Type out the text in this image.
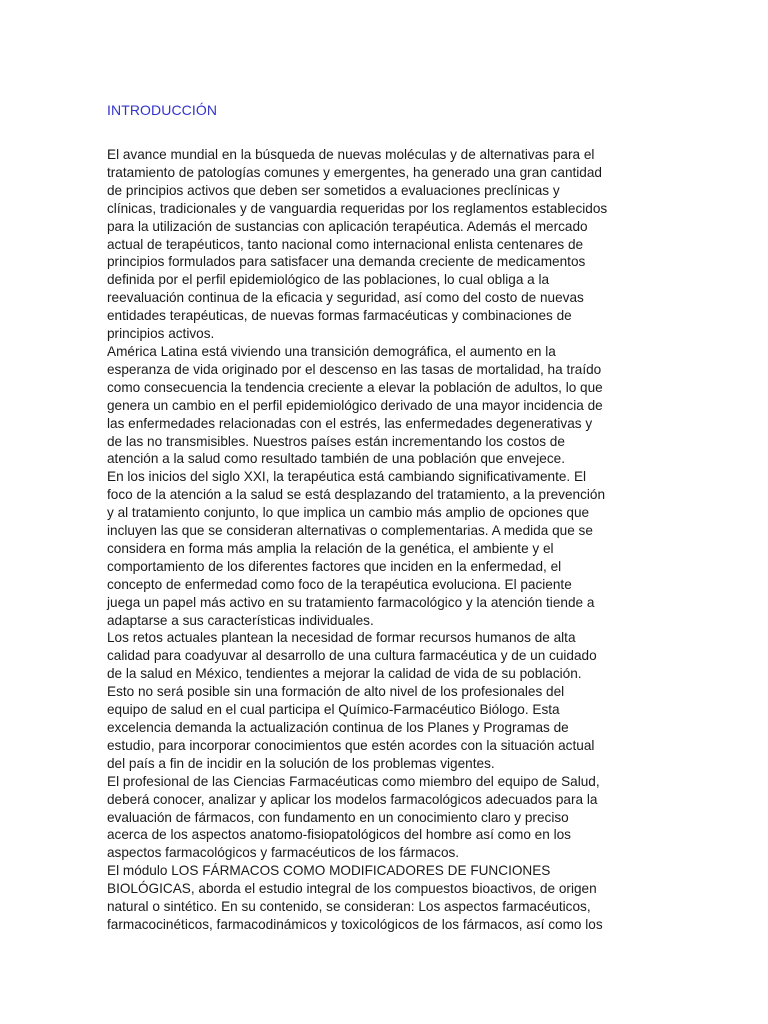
INTRODUCCIÓN

El avance mundial en la búsqueda de nuevas moléculas y de alternativas para el
tratamiento de patologías comunes y emergentes, ha generado una gran cantidad
de principios activos que deben ser sometidos a evaluaciones preclínicas y
clínicas, tradicionales y de vanguardia requeridas por los reglamentos establecidos
para la utilización de sustancias con aplicación terapéutica. Además el mercado
actual de terapéuticos, tanto nacional como internacional enlista centenares de
principios formulados para satisfacer una demanda creciente de medicamentos
definida por el perfil epidemiológico de las poblaciones, lo cual obliga a la
reevaluación continua de la eficacia y seguridad, así como del costo de nuevas
entidades terapéuticas, de nuevas formas farmacéuticas y combinaciones de
principios activos.

América Latina está viviendo una transición demográfica, el aumento en la
esperanza de vida originado por el descenso en las tasas de mortalidad, ha traído
como consecuencia la tendencia creciente a elevar la población de adultos, lo que
genera un cambio en el perfil epidemiológico derivado de una mayor incidencia de
las enfermedades relacionadas con el estrés, las enfermedades degenerativas y
de las no transmisibles. Nuestros países están incrementando los costos de
atención a la salud como resultado también de una población que envejece.

En los inicios del siglo XXI, la terapéutica está cambiando significativamente. El
foco de la atención a la salud se está desplazando del tratamiento, a la prevención
y al tratamiento conjunto, lo que implica un cambio más amplio de opciones que
incluyen las que se consideran alternativas o complementarias. A medida que se
considera en forma más amplia la relación de la genética, el ambiente y el
comportamiento de los diferentes factores que inciden en la enfermedad, el
concepto de enfermedad como foco de la terapéutica evoluciona. El paciente
juega un papel más activo en su tratamiento farmacológico y la atención tiende a
adaptarse a sus características individuales.

Los retos actuales plantean la necesidad de formar recursos humanos de alta
calidad para coadyuvar al desarrollo de una cultura farmacéutica y de un cuidado
de la salud en México, tendientes a mejorar la calidad de vida de su población.
Esto no será posible sin una formación de alto nivel de los profesionales del
equipo de salud en el cual participa el Químico-Farmacéutico Biólogo. Esta
excelencia demanda la actualización continua de los Planes y Programas de
estudio, para incorporar conocimientos que estén acordes con la situación actual
del país a fin de incidir en la solución de los problemas vigentes.

El profesional de las Ciencias Farmacéuticas como miembro del equipo de Salud,
deberá conocer, analizar y aplicar los modelos farmacológicos adecuados para la
evaluación de fármacos, con fundamento en un conocimiento claro y preciso
acerca de los aspectos anatomo-fisiopatológicos del hombre así como en los
aspectos farmacológicos y farmacéuticos de los fármacos.

El módulo LOS FÁRMACOS COMO MODIFICADORES DE FUNCIONES
BIOLÓGICAS, aborda el estudio integral de los compuestos bioactivos, de origen
natural o sintético. En su contenido, se consideran: Los aspectos farmacéuticos,
farmacocinéticos, farmacodinámicos y toxicológicos de los fármacos, así como los
